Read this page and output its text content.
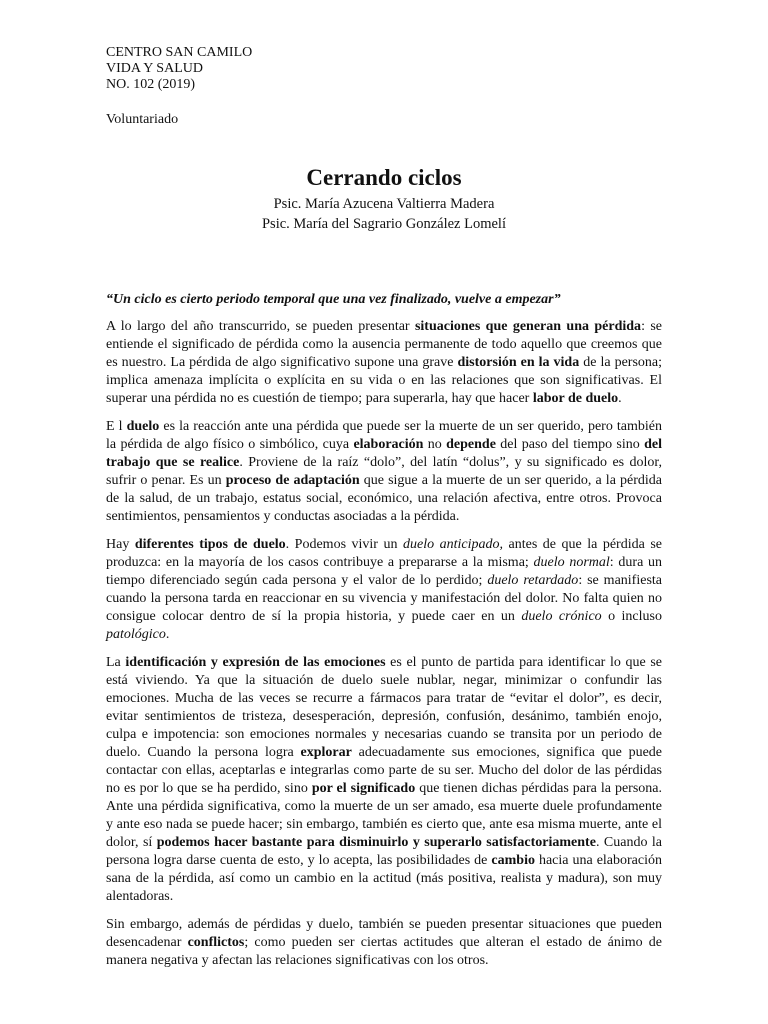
CENTRO SAN CAMILO
VIDA Y SALUD
NO. 102 (2019)
Voluntariado
Cerrando ciclos
Psic. María Azucena Valtierra Madera
Psic. María del Sagrario González Lomelí
“Un ciclo es cierto periodo temporal que una vez finalizado, vuelve a empezar”

A lo largo del año transcurrido, se pueden presentar situaciones que generan una pérdida: se entiende el significado de pérdida como la ausencia permanente de todo aquello que creemos que es nuestro. La pérdida de algo significativo supone una grave distorsión en la vida de la persona; implica amenaza implícita o explícita en su vida o en las relaciones que son significativas. El superar una pérdida no es cuestión de tiempo; para superarla, hay que hacer labor de duelo.

E l duelo es la reacción ante una pérdida que puede ser la muerte de un ser querido, pero también la pérdida de algo físico o simbólico, cuya elaboración no depende del paso del tiempo sino del trabajo que se realice. Proviene de la raíz “dolo”, del latín “dolus”, y su significado es dolor, sufrir o penar. Es un proceso de adaptación que sigue a la muerte de un ser querido, a la pérdida de la salud, de un trabajo, estatus social, económico, una relación afectiva, entre otros. Provoca sentimientos, pensamientos y conductas asociadas a la pérdida.

Hay diferentes tipos de duelo. Podemos vivir un duelo anticipado, antes de que la pérdida se produzca: en la mayoría de los casos contribuye a prepararse a la misma; duelo normal: dura un tiempo diferenciado según cada persona y el valor de lo perdido; duelo retardado: se manifiesta cuando la persona tarda en reaccionar en su vivencia y manifestación del dolor. No falta quien no consigue colocar dentro de sí la propia historia, y puede caer en un duelo crónico o incluso patológico.

La identificación y expresión de las emociones es el punto de partida para identificar lo que se está viviendo. Ya que la situación de duelo suele nublar, negar, minimizar o confundir las emociones. Mucha de las veces se recurre a fármacos para tratar de “evitar el dolor”, es decir, evitar sentimientos de tristeza, desesperación, depresión, confusión, desánimo, también enojo, culpa e impotencia: son emociones normales y necesarias cuando se transita por un periodo de duelo. Cuando la persona logra explorar adecuadamente sus emociones, significa que puede contactar con ellas, aceptarlas e integrarlas como parte de su ser. Mucho del dolor de las pérdidas no es por lo que se ha perdido, sino por el significado que tienen dichas pérdidas para la persona. Ante una pérdida significativa, como la muerte de un ser amado, esa muerte duele profundamente y ante eso nada se puede hacer; sin embargo, también es cierto que, ante esa misma muerte, ante el dolor, sí podemos hacer bastante para disminuirlo y superarlo satisfactoriamente. Cuando la persona logra darse cuenta de esto, y lo acepta, las posibilidades de cambio hacia una elaboración sana de la pérdida, así como un cambio en la actitud (más positiva, realista y madura), son muy alentadoras.

Sin embargo, además de pérdidas y duelo, también se pueden presentar situaciones que pueden desencadenar conflictos; como pueden ser ciertas actitudes que alteran el estado de ánimo de manera negativa y afectan las relaciones significativas con los otros.
